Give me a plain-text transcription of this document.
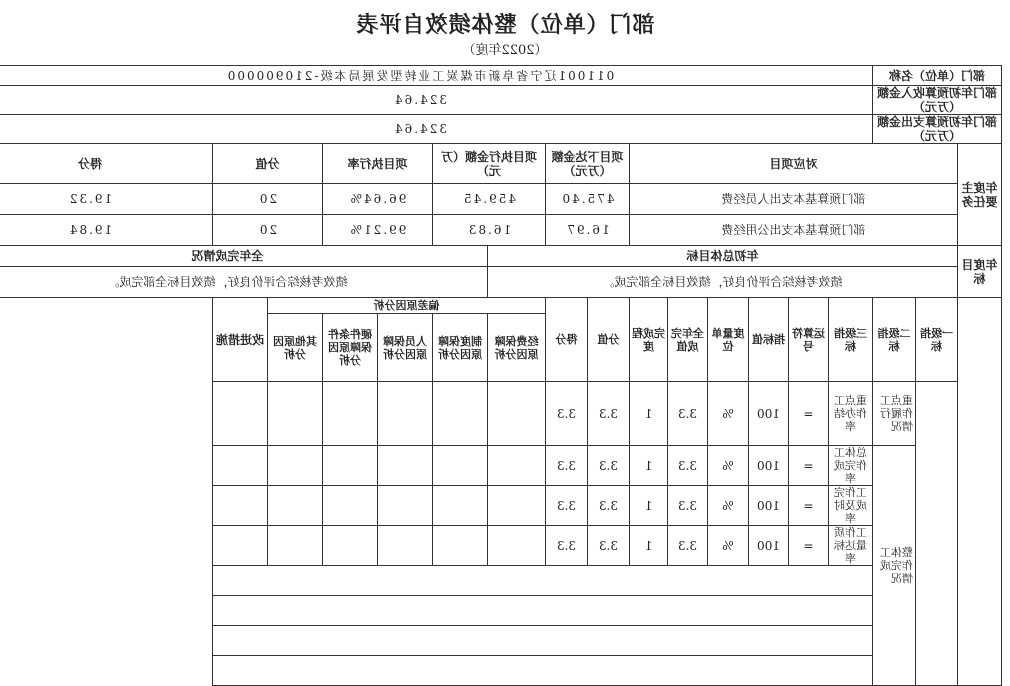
部门（单位）整体绩效自评表
（2022年度）
部门（单位）名称			011001辽宁省阜新市煤炭工业转型发展局本级-210900000														
部门年初预算收入金额（万元）			324.64														
部门年初预算支出金额（万元）			324.64														
年度主要任务	对应项目								项目下达金额（万元）		项目执行金额（万元）		项目执行率		分值		得分
	部门预算基本支出人员经费								475.40		459.45		96.64%		20		19.32
	部门预算基本支出公用经费								16.97		16.83		99.21%		20		19.84
年度目标	年初总体目标											全年完成情况					
	绩效考核综合评价良好，绩效目标全部完成。											绩效考核综合评价良好，绩效目标全部完成。					
	一级指标	二级指标	三级指标	运算符号	指标值	度量单位	全年完成值	完成程度	分值	得分	偏差原因分析					改进措施	
											经费保障原因分析	制度保障原因分析	人员保障原因分析	硬件条件保障原因分析	其他原因分析		
		重点工作履行情况	重点工作办结率	=	100	%	3.3	1	3.3	3.3							
		整体工作完成情况	总体工作完成率	=	100	%	3.3	1	3.3	3.3							
			工作完成及时率	=	100	%	3.3	1	3.3	3.3							
			工作质量达标率	=	100	%	3.3	1	3.3	3.3							
